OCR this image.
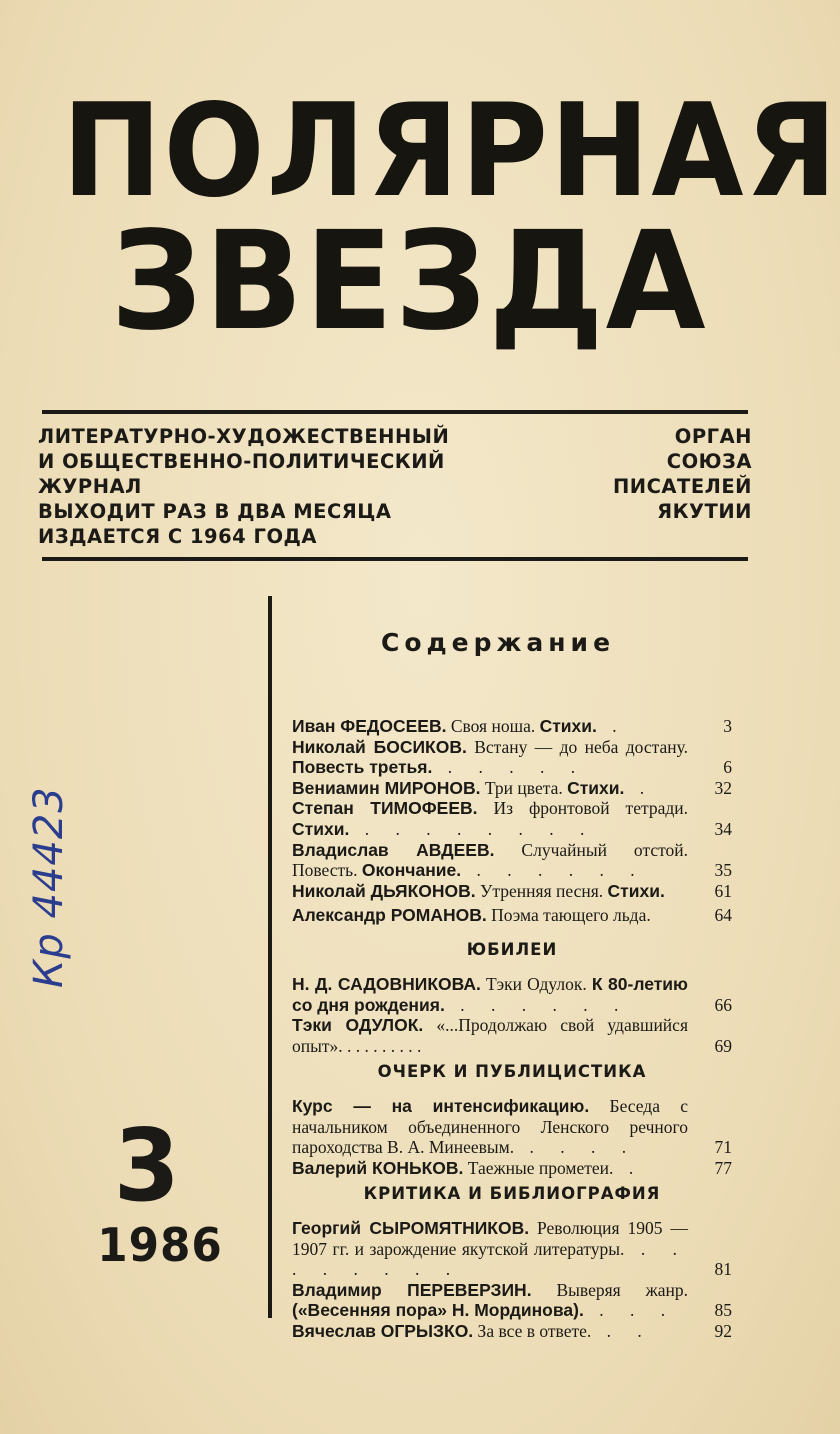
ПОЛЯРНАЯ
ЗВЕЗДА
ЛИТЕРАТУРНО-ХУДОЖЕСТВЕННЫЙ
И ОБЩЕСТВЕННО-ПОЛИТИЧЕСКИЙ
ЖУРНАЛ
ВЫХОДИТ РАЗ В ДВА МЕСЯЦА
ИЗДАЕТСЯ С 1964 ГОДА
ОРГАН
СОЮЗА
ПИСАТЕЛЕЙ
ЯКУТИИ
Кр 44423
3
1986
Содержание
Иван ФЕДОСЕЕВ. Своя ноша. Стихи. .	3
Николай БОСИКОВ. Встану — до неба достану. Повесть третья. . . . . .	6
Вениамин МИРОНОВ. Три цвета. Стихи. .	32
Степан ТИМОФЕЕВ. Из фронтовой тетради. Стихи. . . . . . . . .	34
Владислав АВДЕЕВ. Случайный отстой. Повесть. Окончание. . . . . . .	35
Николай ДЬЯКОНОВ. Утренняя песня. Стихи.	61
Александр РОМАНОВ. Поэма тающего льда.	64
ЮБИЛЕИ
Н. Д. САДОВНИКОВА. Тэки Одулок. К 80-летию со дня рождения. . . . . . .	66
Тэки ОДУЛОК. «...Продолжаю свой удавшийся опыт». . . . . . . . . .	69
ОЧЕРК И ПУБЛИЦИСТИКА
Курс — на интенсификацию. Беседа с начальником объединенного Ленского речного пароходства В. А. Минеевым. . . . .	71
Валерий КОНЬКОВ. Таежные прометеи. .	77
КРИТИКА И БИБЛИОГРАФИЯ
Георгий СЫРОМЯТНИКОВ. Революция 1905 —1907 гг. и зарождение якутской литературы. . . . . . . . .	81
Владимир ПЕРЕВЕРЗИН. Выверяя жанр. («Весенняя пора» Н. Мординова). . . .	85
Вячеслав ОГРЫЗКО. За все в ответе. . .	92
